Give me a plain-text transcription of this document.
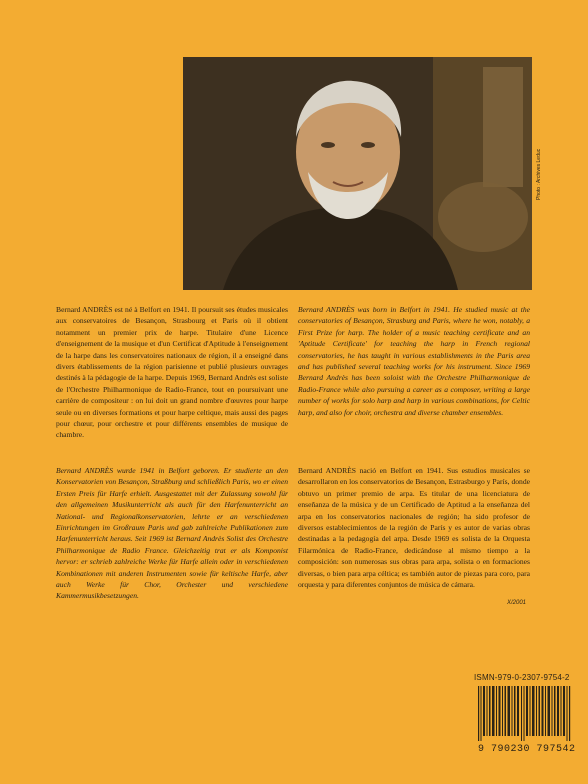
Photo : Archives Leduc

Bernard ANDRÈS est né à Belfort en 1941. Il poursuit ses études musicales aux conservatoires de Besançon, Strasbourg et Paris où il obtient notamment un premier prix de harpe. Titulaire d'une Licence d'enseignement de la musique et d'un Certificat d'Aptitude à l'enseignement de la harpe dans les conservatoires nationaux de région, il a enseigné dans divers établissements de la région parisienne et publié plusieurs ouvrages destinés à la pédagogie de la harpe. Depuis 1969, Bernard Andrès est soliste de l'Orchestre Philharmonique de Radio-France, tout en poursuivant une carrière de compositeur : on lui doit un grand nombre d'œuvres pour harpe seule ou en diverses formations et pour harpe celtique, mais aussi des pages pour chœur, pour orchestre et pour différents ensembles de musique de chambre.

Bernard ANDRÈS was born in Belfort in 1941. He studied music at the conservatories of Besançon, Strasburg and Paris, where he won, notably, a First Prize for harp. The holder of a music teaching certificate and an 'Aptitude Certificate' for teaching the harp in French regional conservatories, he has taught in various establishments in the Paris area and has published several teaching works for his instrument. Since 1969 Bernard Andrès has been soloist with the Orchestre Philharmonique de Radio-France while also pursuing a career as a composer, writing a large number of works for solo harp and harp in various combinations, for Celtic harp, and also for choir, orchestra and diverse chamber ensembles.

Bernard ANDRÈS wurde 1941 in Belfort geboren. Er studierte an den Konservatorien von Besançon, Straßburg und schließlich Paris, wo er einen Ersten Preis für Harfe erhielt. Ausgestattet mit der Zulassung sowohl für den allgemeinen Musikunterricht als auch für den Harfenunterricht an National- und Regionalkonservatorien, lehrte er an verschiedenen Einrichtungen im Großraum Paris und gab zahlreiche Publikationen zum Harfenunterricht heraus. Seit 1969 ist Bernard Andrès Solist des Orchestre Philharmonique de Radio France. Gleichzeitig trat er als Komponist hervor: er schrieb zahlreiche Werke für Harfe allein oder in verschiedenen Kombinationen mit anderen Instrumenten sowie für keltische Harfe, aber auch Werke für Chor, Orchester und verschiedene Kammermusikbesetzungen.

Bernard ANDRÈS nació en Belfort en 1941. Sus estudios musicales se desarrollaron en los conservatorios de Besançon, Estrasburgo y París, donde obtuvo un primer premio de arpa. Es titular de una licenciatura de enseñanza de la música y de un Certificado de Aptitud a la enseñanza del arpa en los conservatorios nacionales de región; ha sido profesor de diversos establecimientos de la región de París y es autor de varias obras destinadas a la pedagogía del arpa. Desde 1969 es solista de la Orquesta Filarmónica de Radio-France, dedicándose al mismo tiempo a la composición: son numerosas sus obras para arpa, solista o en formaciones diversas, o bien para arpa céltica; es también autor de piezas para coro, para orquesta y para diferentes conjuntos de música de cámara.

X/2001
ISMN-979-0-2307-9754-2
9 790230 797542
